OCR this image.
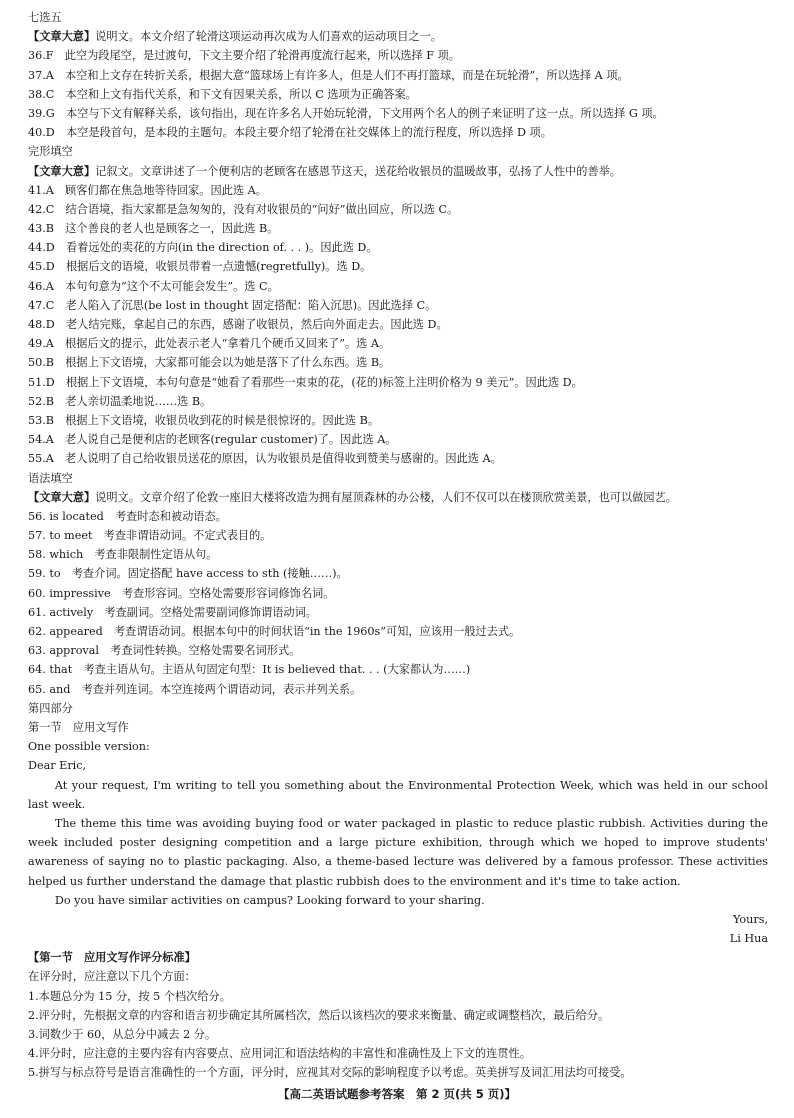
七选五
【文章大意】说明文。本文介绍了轮滑这项运动再次成为人们喜欢的运动项目之一。
36.F　此空为段尾空，是过渡句，下文主要介绍了轮滑再度流行起来，所以选择 F 项。
37.A　本空和上文存在转折关系，根据大意“篮球场上有许多人，但是人们不再打篮球，而是在玩轮滑”，所以选择 A 项。
38.C　本空和上文有指代关系，和下文有因果关系，所以 C 选项为正确答案。
39.G　本空与下文有解释关系，该句指出，现在许多名人开始玩轮滑，下文用两个名人的例子来证明了这一点。所以选择 G 项。
40.D　本空是段首句，是本段的主题句。本段主要介绍了轮滑在社交媒体上的流行程度，所以选择 D 项。
完形填空
【文章大意】记叙文。文章讲述了一个便利店的老顾客在感恩节这天，送花给收银员的温暖故事，弘扬了人性中的善举。
41.A　顾客们都在焦急地等待回家。因此选 A。
42.C　结合语境，指大家都是急匆匆的，没有对收银员的“问好”做出回应，所以选 C。
43.B　这个善良的老人也是顾客之一，因此选 B。
44.D　看着远处的卖花的方向(in the direction of. . . )。因此选 D。
45.D　根据后文的语境，收银员带着一点遗憾(regretfully)。选 D。
46.A　本句句意为“这个不太可能会发生”。选 C。
47.C　老人陷入了沉思(be lost in thought 固定搭配：陷入沉思)。因此选择 C。
48.D　老人结完账，拿起自己的东西，感谢了收银员，然后向外面走去。因此选 D。
49.A　根据后文的提示，此处表示老人“拿着几个硬币又回来了”。选 A。
50.B　根据上下文语境，大家都可能会以为她是落下了什么东西。选 B。
51.D　根据上下文语境，本句句意是“她看了看那些一束束的花，(花的)标签上注明价格为 9 美元”。因此选 D。
52.B　老人亲切温柔地说……选 B。
53.B　根据上下文语境，收银员收到花的时候是很惊讶的。因此选 B。
54.A　老人说自己是便利店的老顾客(regular customer)了。因此选 A。
55.A　老人说明了自己给收银员送花的原因，认为收银员是值得收到赞美与感谢的。因此选 A。
语法填空
【文章大意】说明文。文章介绍了伦敦一座旧大楼将改造为拥有屋顶森林的办公楼，人们不仅可以在楼顶欣赏美景，也可以做园艺。
56. is located　考查时态和被动语态。
57. to meet　考查非谓语动词。不定式表目的。
58. which　考查非限制性定语从句。
59. to　考查介词。固定搭配 have access to sth (接触……)。
60. impressive　考查形容词。空格处需要形容词修饰名词。
61. actively　考查副词。空格处需要副词修饰谓语动词。
62. appeared　考查谓语动词。根据本句中的时间状语“in the 1960s”可知，应该用一般过去式。
63. approval　考查词性转换。空格处需要名词形式。
64. that　考查主语从句。主语从句固定句型：It is believed that. . . (大家都认为……)
65. and　考查并列连词。本空连接两个谓语动词，表示并列关系。
第四部分
第一节　应用文写作
One possible version:
Dear Eric,
At your request, I'm writing to tell you something about the Environmental Protection Week, which was held in our school last week.
The theme this time was avoiding buying food or water packaged in plastic to reduce plastic rubbish. Activities during the week included poster designing competition and a large picture exhibition, through which we hoped to improve students' awareness of saying no to plastic packaging. Also, a theme-based lecture was delivered by a famous professor. These activities helped us further understand the damage that plastic rubbish does to the environment and it's time to take action.
Do you have similar activities on campus? Looking forward to your sharing.
Yours,
Li Hua
【第一节　应用文写作评分标准】
在评分时，应注意以下几个方面：
1.本题总分为 15 分，按 5 个档次给分。
2.评分时，先根据文章的内容和语言初步确定其所属档次，然后以该档次的要求来衡量、确定或调整档次，最后给分。
3.词数少于 60，从总分中减去 2 分。
4.评分时，应注意的主要内容有内容要点、应用词汇和语法结构的丰富性和准确性及上下文的连贯性。
5.拼写与标点符号是语言准确性的一个方面，评分时，应视其对交际的影响程度予以考虑。英美拼写及词汇用法均可接受。
【高二英语试题参考答案　第 2 页(共 5 页)】
